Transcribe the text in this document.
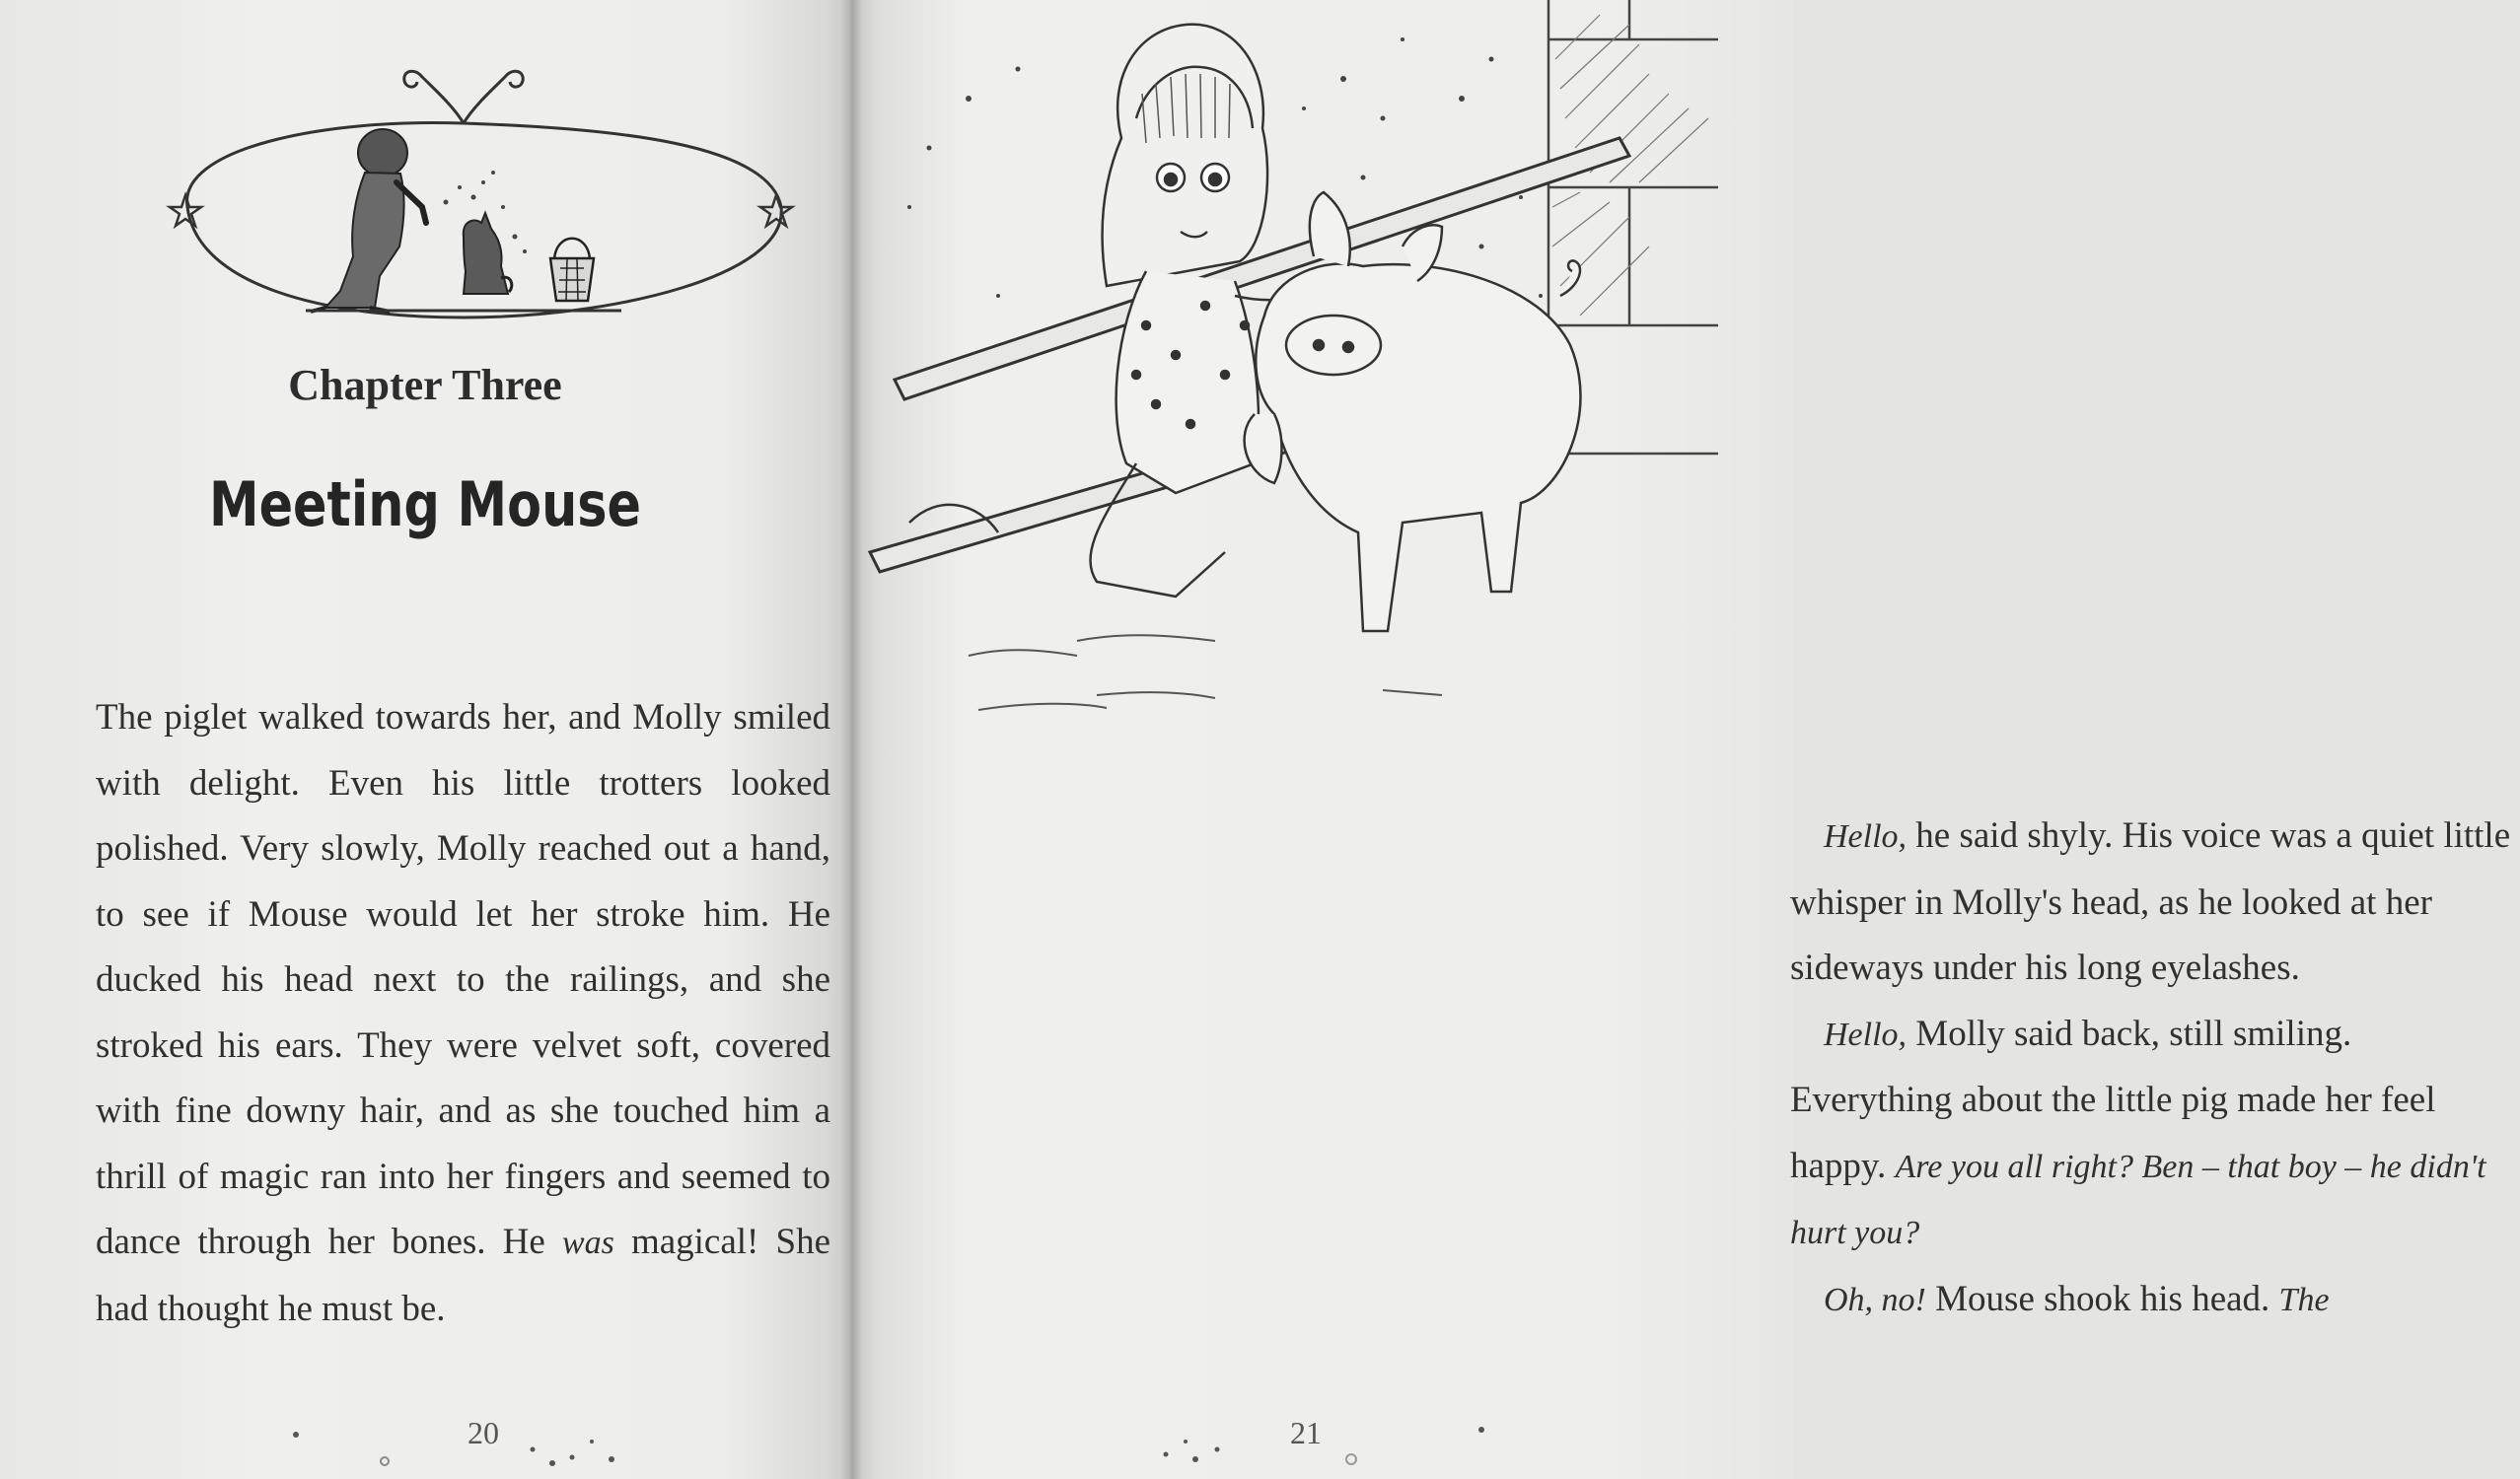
Chapter Three
Meeting Mouse

The piglet walked towards her, and Molly smiled with delight. Even his little trotters looked polished. Very slowly, Molly reached out a hand, to see if Mouse would let her stroke him. He ducked his head next to the railings, and she stroked his ears. They were velvet soft, covered with fine downy hair, and as she touched him a thrill of magic ran into her fingers and seemed to dance through her bones. He was magical! She had thought he must be.

20

Hello, he said shyly. His voice was a quiet little whisper in Molly's head, as he looked at her sideways under his long eyelashes.

Hello, Molly said back, still smiling. Everything about the little pig made her feel happy. Are you all right? Ben – that boy – he didn't hurt you?

Oh, no! Mouse shook his head. The

21
